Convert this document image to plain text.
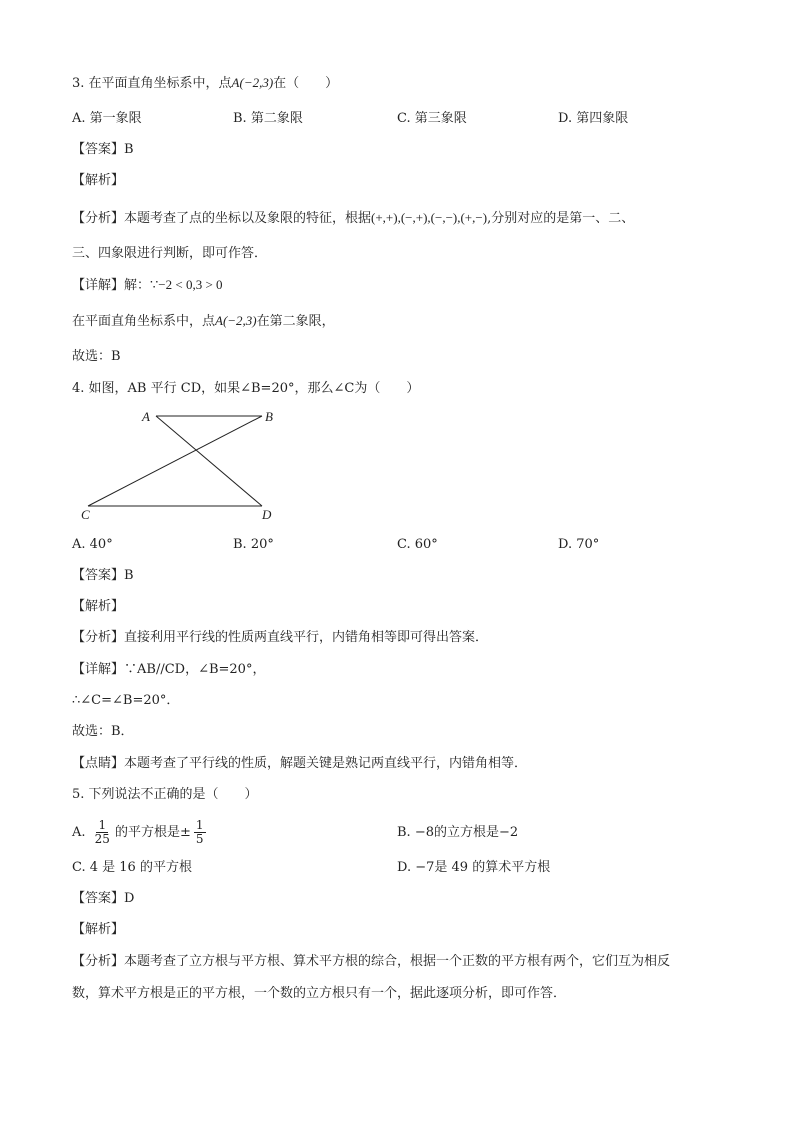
3. 在平面直角坐标系中，点A(−2,3)在（　　）
A. 第一象限	B. 第二象限	C. 第三象限	D. 第四象限
【答案】B
【解析】
【分析】本题考查了点的坐标以及象限的特征，根据(+,+),(−,+),(−,−),(+,−),分别对应的是第一、二、
三、四象限进行判断，即可作答．
【详解】解：∵−2 < 0,3 > 0
在平面直角坐标系中，点A(−2,3)在第二象限，
故选：B
4. 如图，AB 平行 CD，如果∠B=20°，那么∠C为（　　）
A	B
C	D
A. 40°	B. 20°	C. 60°	D. 70°
【答案】B
【解析】
【分析】直接利用平行线的性质两直线平行，内错角相等即可得出答案．
【详解】∵AB//CD，∠B=20°，
∴∠C=∠B=20°．
故选：B．
【点睛】本题考查了平行线的性质，解题关键是熟记两直线平行，内错角相等．
5. 下列说法不正确的是（　　）
A. $\frac{1}{25}$ 的平方根是± $\frac{1}{5}$	B. −8的立方根是−2
C. 4 是 16 的平方根	D. −7是 49 的算术平方根
【答案】D
【解析】
【分析】本题考查了立方根与平方根、算术平方根的综合，根据一个正数的平方根有两个，它们互为相反
数，算术平方根是正的平方根，一个数的立方根只有一个，据此逐项分析，即可作答．
